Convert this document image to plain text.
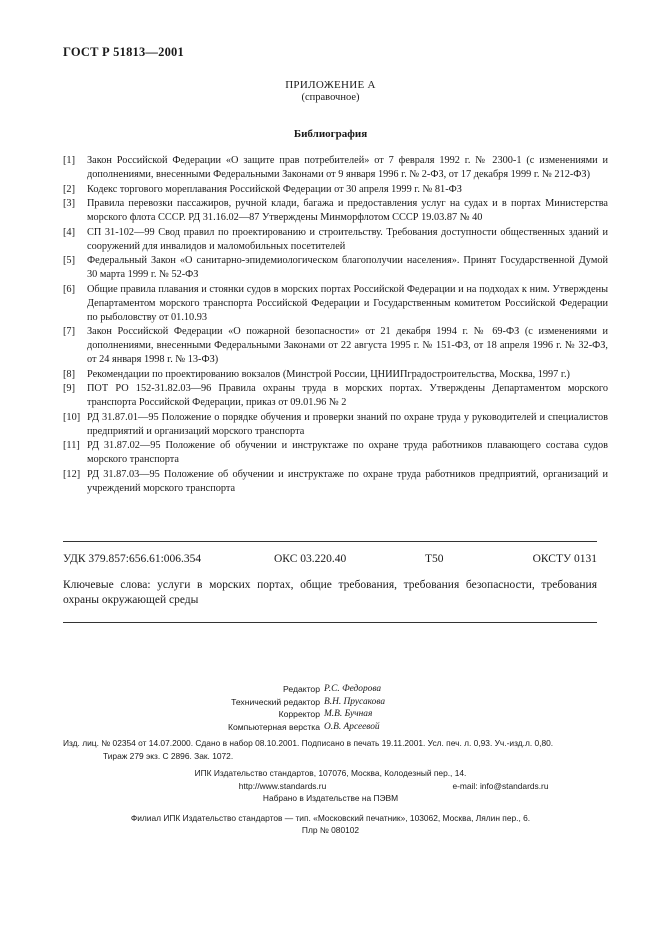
ГОСТ Р 51813—2001
ПРИЛОЖЕНИЕ А
(справочное)
Библиография
[1] Закон Российской Федерации «О защите прав потребителей» от 7 февраля 1992 г. № 2300-1 (с изменениями и дополнениями, внесенными Федеральными Законами от 9 января 1996 г. № 2-ФЗ, от 17 декабря 1999 г. № 212-ФЗ)
[2] Кодекс торгового мореплавания Российской Федерации от 30 апреля 1999 г. № 81-ФЗ
[3] Правила перевозки пассажиров, ручной клади, багажа и предоставления услуг на судах и в портах Министерства морского флота СССР. РД 31.16.02—87 Утверждены Минморфлотом СССР 19.03.87 № 40
[4] СП 31-102—99 Свод правил по проектированию и строительству. Требования доступности общественных зданий и сооружений для инвалидов и маломобильных посетителей
[5] Федеральный Закон «О санитарно-эпидемиологическом благополучии населения». Принят Государственной Думой 30 марта 1999 г. № 52-ФЗ
[6] Общие правила плавания и стоянки судов в морских портах Российской Федерации и на подходах к ним. Утверждены Департаментом морского транспорта Российской Федерации и Государственным комитетом Российской Федерации по рыболовству от 01.10.93
[7] Закон Российской Федерации «О пожарной безопасности» от 21 декабря 1994 г. № 69-ФЗ (с изменениями и дополнениями, внесенными Федеральными Законами от 22 августа 1995 г. № 151-ФЗ, от 18 апреля 1996 г. № 32-ФЗ, от 24 января 1998 г. № 13-ФЗ)
[8] Рекомендации по проектированию вокзалов (Минстрой России, ЦНИИПградостроительства, Москва, 1997 г.)
[9] ПОТ РО 152-31.82.03—96 Правила охраны труда в морских портах. Утверждены Департаментом морского транспорта Российской Федерации, приказ от 09.01.96 № 2
[10] РД 31.87.01—95 Положение о порядке обучения и проверки знаний по охране труда у руководителей и специалистов предприятий и организаций морского транспорта
[11] РД 31.87.02—95 Положение об обучении и инструктаже по охране труда работников плавающего состава судов морского транспорта
[12] РД 31.87.03—95 Положение об обучении и инструктаже по охране труда работников предприятий, организаций и учреждений морского транспорта
УДК 379.857:656.61:006.354	ОКС 03.220.40	Т50	ОКСТУ 0131
Ключевые слова: услуги в морских портах, общие требования, требования безопасности, требования охраны окружающей среды
Редактор Р.С. Федорова
Технический редактор В.Н. Прусакова
Корректор М.В. Бучная
Компьютерная верстка О.В. Арсеевой
Изд. лиц. № 02354 от 14.07.2000. Сдано в набор 08.10.2001. Подписано в печать 19.11.2001. Усл. печ. л. 0,93. Уч.-изд.л. 0,80.
Тираж 279 экз. С 2896. Зак. 1072.
ИПК Издательство стандартов, 107076, Москва, Колодезный пер., 14.
http://www.standards.ru	e-mail: info@standards.ru
Набрано в Издательстве на ПЭВМ
Филиал ИПК Издательство стандартов — тип. «Московский печатник», 103062, Москва, Лялин пер., 6.
Плр № 080102
